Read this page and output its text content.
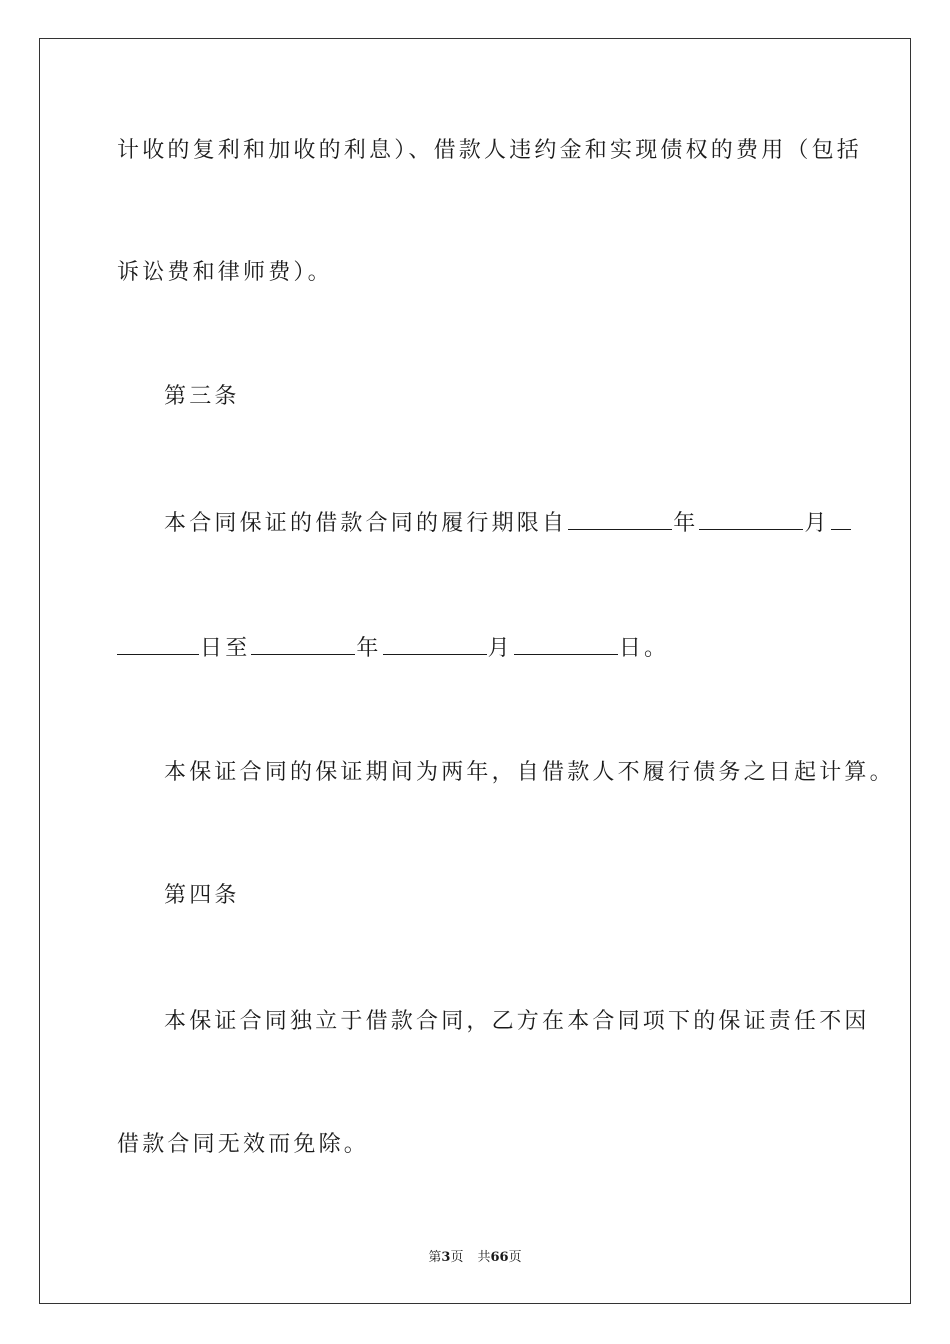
计收的复利和加收的利息）、借款人违约金和实现债权的费用（包括
诉讼费和律师费）。
第三条
本合同保证的借款合同的履行期限自	年	月
日至	年	月	日。
本保证合同的保证期间为两年，自借款人不履行债务之日起计算。
第四条
本保证合同独立于借款合同，乙方在本合同项下的保证责任不因
借款合同无效而免除。
第3页 共66页
